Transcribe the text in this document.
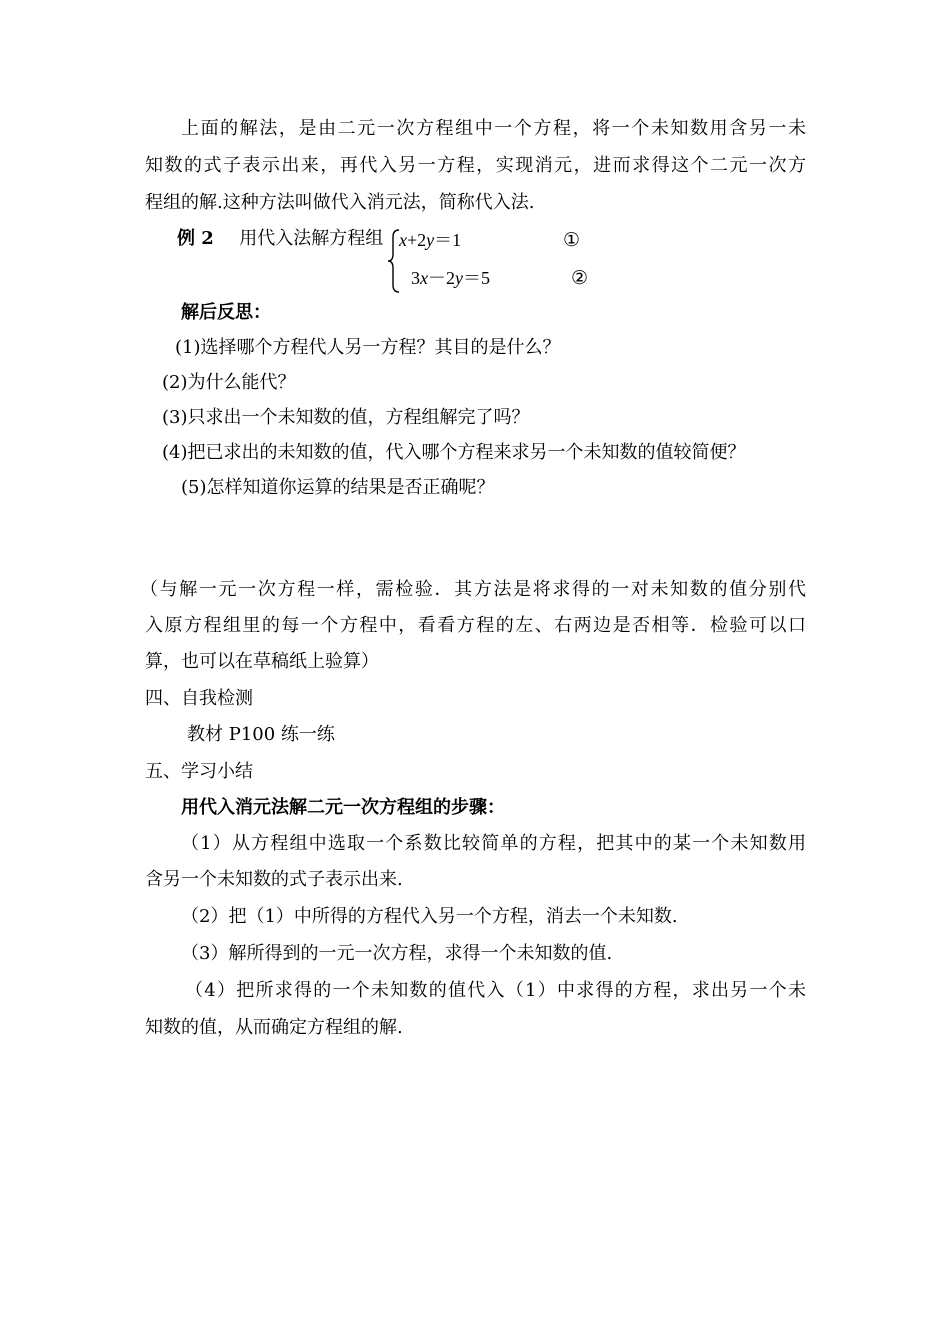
上面的解法，是由二元一次方程组中一个方程，将一个未知数用含另一未
知数的式子表示出来，再代入另一方程，实现消元，进而求得这个二元一次方
程组的解.这种方法叫做代入消元法，简称代入法.
例 2 用代入法解方程组 x+2y＝1
3x－2y＝5
①
②
解后反思：
(1)选择哪个方程代人另一方程？其目的是什么？
(2)为什么能代？
(3)只求出一个未知数的值，方程组解完了吗？
(4)把已求出的未知数的值，代入哪个方程来求另一个未知数的值较简便？
(5)怎样知道你运算的结果是否正确呢？
（与解一元一次方程一样，需检验．其方法是将求得的一对未知数的值分别代
入原方程组里的每一个方程中，看看方程的左、右两边是否相等．检验可以口
算，也可以在草稿纸上验算）
四、自我检测
教材 P100 练一练
五、学习小结
用代入消元法解二元一次方程组的步骤：
（1）从方程组中选取一个系数比较简单的方程，把其中的某一个未知数用
含另一个未知数的式子表示出来.
（2）把（1）中所得的方程代入另一个方程，消去一个未知数.
（3）解所得到的一元一次方程，求得一个未知数的值.
（4）把所求得的一个未知数的值代入（1）中求得的方程，求出另一个未
知数的值，从而确定方程组的解.
